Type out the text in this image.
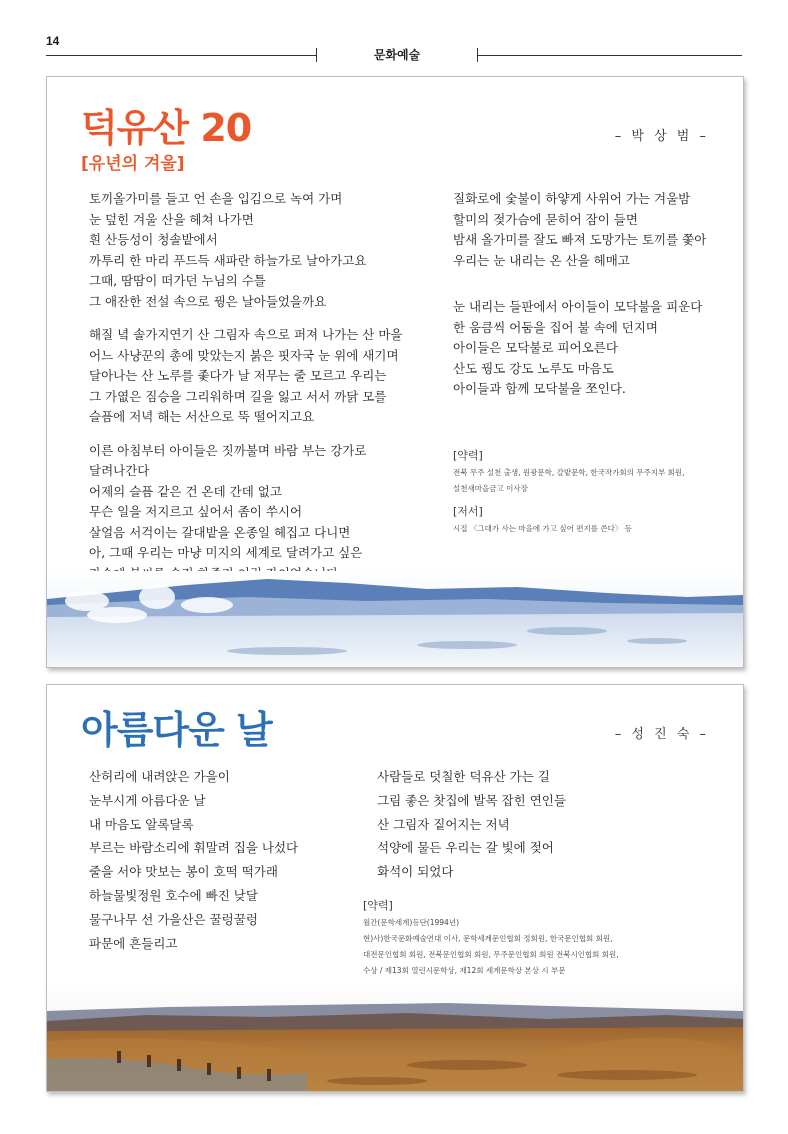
14
문화예술
덕유산 20
[유년의 겨울]
– 박 상 범 –
토끼올가미를 들고 언 손을 입김으로 녹여 가며
눈 덮힌 겨울 산을 헤쳐 나가면
흰 산등성이 청솔밭에서
까투리 한 마리 푸드득 새파란 하늘가로 날아가고요
그때, 땀땀이 떠가던 누님의 수틀
그 애잔한 전설 속으로 꿩은 날아들었을까요
해질 녘 솔가지연기 산 그림자 속으로 퍼져 나가는 산 마을
어느 사냥꾼의 총에 맞았는지 붉은 핏자국 눈 위에 새기며
달아나는 산 노루를 좇다가 날 저무는 줄 모르고 우리는
그 가엾은 짐승을 그리워하며 길을 잃고 서서 까닭 모를
슬픔에 저녁 해는 서산으로 뚝 떨어지고요
이른 아침부터 아이들은 짓까불며 바람 부는 강가로
달려나간다
어제의 슬픔 같은 건 온데 간데 없고
무슨 일을 저지르고 싶어서 좀이 쑤시어
살얼음 서걱이는 갈대밭을 온종일 헤집고 다니면
아, 그때 우리는 마냥 미지의 세계로 달려가고 싶은
질화로에 숯불이 하얗게 사위어 가는 겨울밤
할미의 젖가슴에 묻히어 잠이 들면
밤새 올가미를 잘도 빠져 도망가는 토끼를 쫓아
우리는 눈 내리는 온 산을 헤매고
눈 내리는 들판에서 아이들이 모닥불을 피운다
한 움큼씩 어둠을 집어 불 속에 던지며
아이들은 모닥불로 피어오른다
산도 꿩도 강도 노루도 마음도
아이들과 함께 모닥불을 쪼인다.
[약력]
전북 무주 설천 출생, 원광문학, 갈밭문학, 한국작가회의 무주지부 회원,
설천새마을금고 이사장
[저서]
시집 〈그대가 사는 마을에 가고 싶어 편지를 쓴다〉 등
아름다운 날	– 성 진 숙 –
산허리에 내려앉은 가을이
눈부시게 아름다운 날
내 마음도 알록달록
부르는 바람소리에 휘말려 집을 나섰다
줄을 서야 맛보는 봉이 호떡 떡가래
하늘물빛정원 호수에 빠진 낮달
물구나무 선 가을산은 꿀렁꿀렁
파문에 흔들리고
사람들로 덧칠한 덕유산 가는 길
그림 좋은 찻집에 발목 잡힌 연인들
산 그림자 짙어지는 저녁
석양에 물든 우리는 갈 빛에 젖어
화석이 되었다
[약력]
월간(문학세계)등단(1994년)
현)사)한국문화예술연대 이사, 문학세계문인협회 정회원, 한국문인협회 회원,
대전문인협회 회원, 전북문인협회 회원, 무주문인협회 회원 전북시인협회 회원,
수상 / 제13회 열린시문학상, 제12회 세계문학상 본상 시 부문
